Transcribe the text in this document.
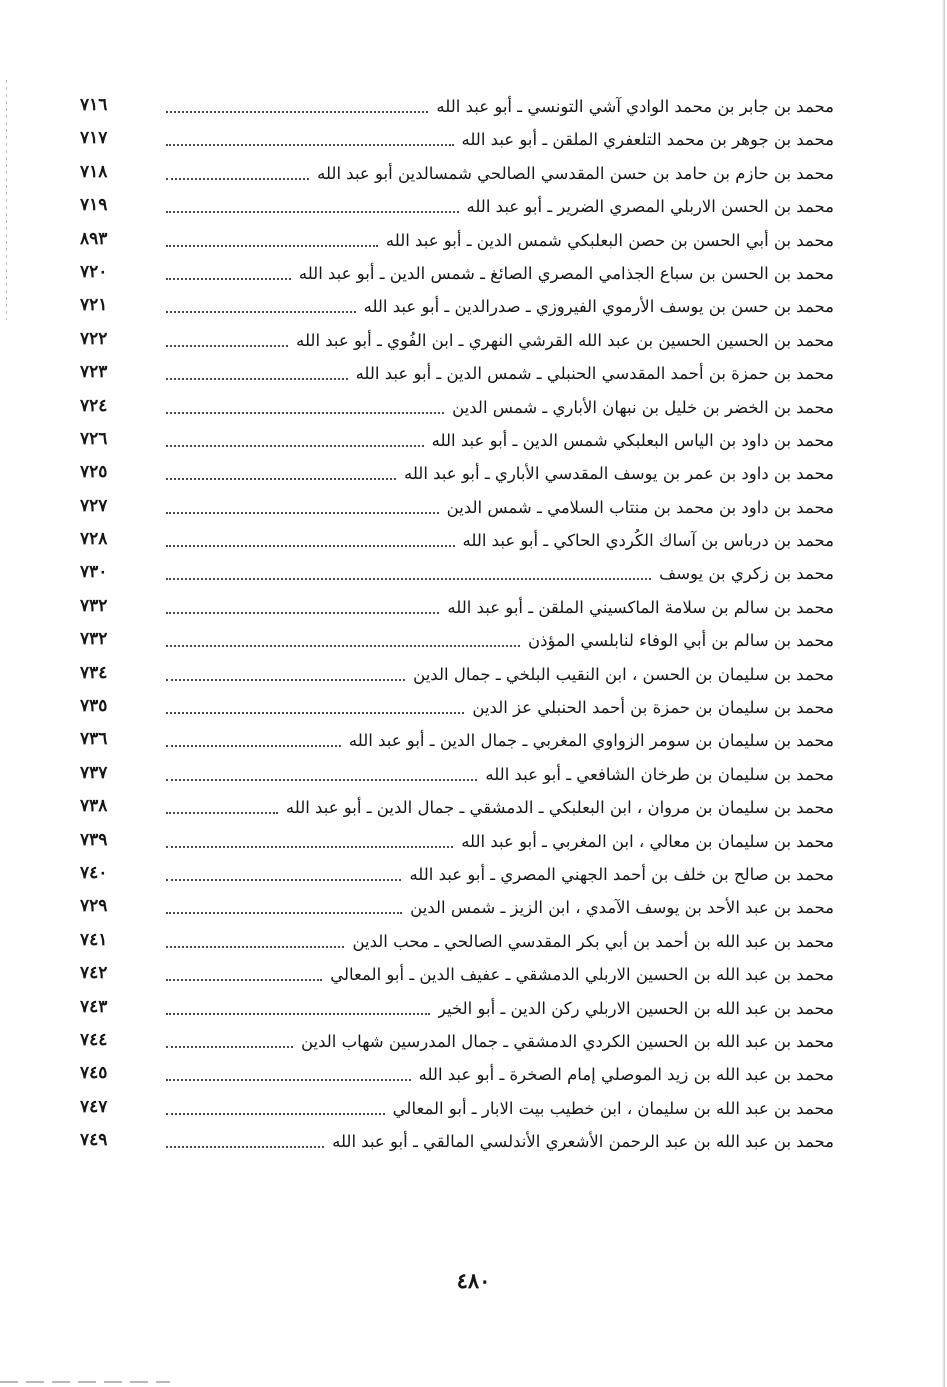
محمد بن جابر بن محمد الوادي آشي التونسي ـ أبو عبد الله
٧١٦
محمد بن جوهر بن محمد التلعفري الملقن ـ أبو عبد الله
٧١٧
محمد بن حازم بن حامد بن حسن المقدسي الصالحي شمسالدين أبو عبد الله
٧١٨
محمد بن الحسن الاربلي المصري الضرير ـ أبو عبد الله
٧١٩
محمد بن أبي الحسن بن حصن البعلبكي شمس الدين ـ أبو عبد الله
٨٩٣
محمد بن الحسن بن سباع الجذامي المصري الصائغ ـ شمس الدين ـ أبو عبد الله
٧٢٠
محمد بن حسن بن يوسف الأرموي الفيروزي ـ صدرالدين ـ أبو عبد الله
٧٢١
محمد بن الحسين الحسين بن عبد الله القرشي النهري ـ ابن الفُوي ـ أبو عبد الله
٧٢٢
محمد بن حمزة بن أحمد المقدسي الحنبلي ـ شمس الدين ـ أبو عبد الله
٧٢٣
محمد بن الخضر بن خليل بن نبهان الأباري ـ شمس الدين
٧٢٤
محمد بن داود بن الياس البعلبكي شمس الدين ـ أبو عبد الله
٧٢٦
محمد بن داود بن عمر بن يوسف المقدسي الأباري ـ أبو عبد الله
٧٢٥
محمد بن داود بن محمد بن منتاب السلامي ـ شمس الدين
٧٢٧
محمد بن درباس بن آساك الكُردي الحاكي ـ أبو عبد الله
٧٢٨
محمد بن زكري بن يوسف
٧٣٠
محمد بن سالم بن سلامة الماكسيني الملقن ـ أبو عبد الله
٧٣٢
محمد بن سالم بن أبي الوفاء لنابلسي المؤذن
٧٣٢
محمد بن سليمان بن الحسن ، ابن النقيب البلخي ـ جمال الدين
٧٣٤
محمد بن سليمان بن حمزة بن أحمد الحنبلي عز الدين
٧٣٥
محمد بن سليمان بن سومر الزواوي المغربي ـ جمال الدين ـ أبو عبد الله
٧٣٦
محمد بن سليمان بن طرخان الشافعي ـ أبو عبد الله
٧٣٧
محمد بن سليمان بن مروان ، ابن البعلبكي ـ الدمشقي ـ جمال الدين ـ أبو عبد الله
٧٣٨
محمد بن سليمان بن معالي ، ابن المغربي ـ أبو عبد الله
٧٣٩
محمد بن صالح بن خلف بن أحمد الجهني المصري ـ أبو عبد الله
٧٤٠
محمد بن عبد الأحد بن يوسف الآمدي ، ابن الزيز ـ شمس الدين
٧٢٩
محمد بن عبد الله بن أحمد بن أبي بكر المقدسي الصالحي ـ محب الدين
٧٤١
محمد بن عبد الله بن الحسين الاربلي الدمشقي ـ عفيف الدين ـ أبو المعالي
٧٤٢
محمد بن عبد الله بن الحسين الاربلي ركن الدين ـ أبو الخير
٧٤٣
محمد بن عبد الله بن الحسين الكردي الدمشقي ـ جمال المدرسين شهاب الدين
٧٤٤
محمد بن عبد الله بن زيد الموصلي إمام الصخرة ـ أبو عبد الله
٧٤٥
محمد بن عبد الله بن سليمان ، ابن خطيب بيت الابار ـ أبو المعالي
٧٤٧
محمد بن عبد الله بن عبد الرحمن الأشعري الأندلسي المالقي ـ أبو عبد الله
٧٤٩
٤٨٠
